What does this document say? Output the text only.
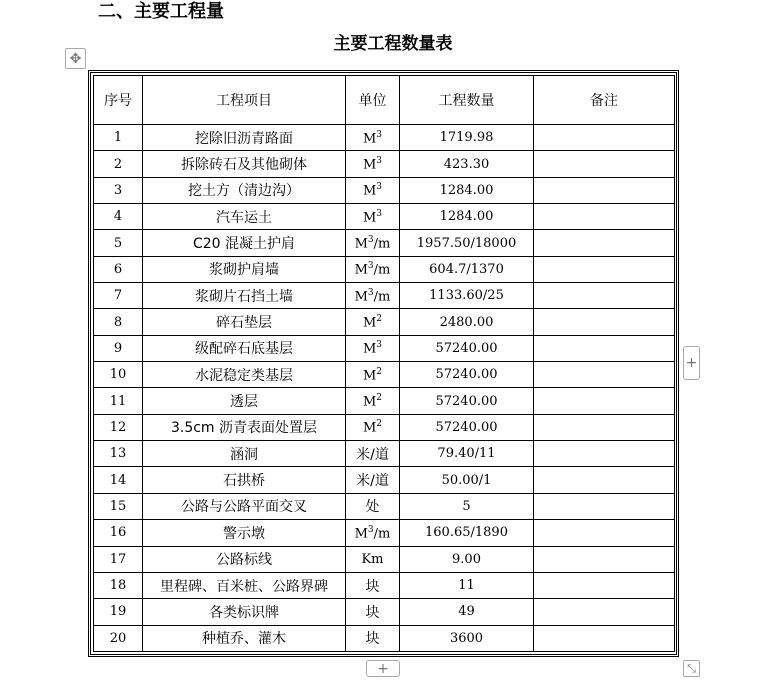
二、主要工程量
主要工程数量表
✥
+
+	⤡
序号	工程项目	单位	工程数量	备注
1	挖除旧沥青路面	$M^3$	1719.98	
2	拆除砖石及其他砌体	$M^3$	423.30	
3	挖土方（清边沟）	$M^3$	1284.00	
4	汽车运土	$M^3$	1284.00	
5	C20 混凝土护肩	$M^3/m$	1957.50/18000	
6	浆砌护肩墙	$M^3/m$	604.7/1370	
7	浆砌片石挡土墙	$M^3/m$	1133.60/25	
8	碎石垫层	$M^2$	2480.00	
9	级配碎石底基层	$M^3$	57240.00	
10	水泥稳定类基层	$M^2$	57240.00	
11	透层	$M^2$	57240.00	
12	3.5cm 沥青表面处置层	$M^2$	57240.00	
13	涵洞	米/道	79.40/11	
14	石拱桥	米/道	50.00/1	
15	公路与公路平面交叉	处	5	
16	警示墩	$M^3/m$	160.65/1890	
17	公路标线	Km	9.00	
18	里程碑、百米桩、公路界碑	块	11	
19	各类标识牌	块	49	
20	种植乔、灌木	块	3600	
